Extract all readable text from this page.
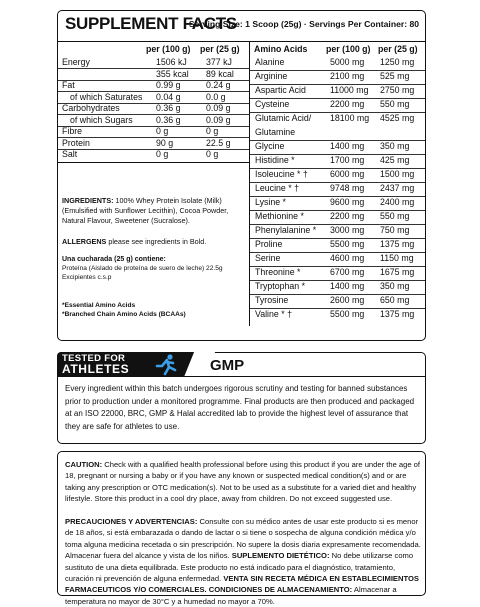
SUPPLEMENT FACTS
Serving Size: 1 Scoop (25g) · Servings Per Container: 80
per (100 g) per (25 g) Amino Acids per (100 g) per (25 g)
Energy	1506 kJ 377 kJ
355 kcal 89 kcal
Fat	0.99 g	0.24 g
of which Saturates 0.04 g	0.0 g
Carbohydrates	0.36 g	0.09 g
of which Sugars	0.36 g	0.09 g
Fibre	0 g	0 g
Protein	90 g	22.5 g
Salt	0 g	0 g
Alanine	5000 mg 1250 mg
Arginine	2100 mg 525 mg
Aspartic Acid	11000 mg 2750 mg
Cysteine	2200 mg 550 mg
Glutamic Acid/ 18100 mg 4525 mg
Glutamine
Glycine	1400 mg 350 mg
Histidine *	1700 mg 425 mg
Isoleucine * †	6000 mg 1500 mg
Leucine * †	9748 mg 2437 mg
Lysine *	9600 mg 2400 mg
Methionine *	2200 mg 550 mg
Phenylalanine * 3000 mg 750 mg
Proline	5500 mg 1375 mg
Serine	4600 mg 1150 mg
Threonine *	6700 mg 1675 mg
Tryptophan *	1400 mg 350 mg
Tyrosine	2600 mg 650 mg
Valine * †	5500 mg 1375 mg
INGREDIENTS: 100% Whey Protein Isolate (Milk) (Emulsified with Sunflower Lecithin), Cocoa Powder, Natural Flavour, Sweetener (Sucralose).
ALLERGENS please see ingredients in Bold.
Una cucharada (25 g) contiene:
Proteína (Aislado de proteína de suero de leche) 22.5g
Excipientes c.s.p
*Essential Amino Acids
*Branched Chain Amino Acids (BCAAs)
TESTED FOR
ATHLETES	GMP
Every ingredient within this batch undergoes rigorous scrutiny and testing for banned substances prior to production under a monitored programme. Final products are then produced and packaged at an ISO 22000, BRC, GMP & Halal accredited lab to provide the highest level of assurance that they are safe for athletes to use.
CAUTION: Check with a qualified health professional before using this product if you are under the age of 18, pregnant or nursing a baby or if you have any known or suspected medical condition(s) and or are taking any prescription or OTC medication(s). Not to be used as a substitute for a varied diet and healthy lifestyle. Store this product in a cool dry place, away from children. Do not exceed suggested use.
PRECAUCIONES Y ADVERTENCIAS: Consulte con su médico antes de usar este producto si es menor de 18 años, si está embarazada o dando de lactar o si tiene o sospecha de alguna condición médica y/o toma alguna medicina recetada o sin prescripción. No supere la dosis diaria expresamente recomendada. Almacenar fuera del alcance y vista de los niños. SUPLEMENTO DIETÉTICO: No debe utilizarse como sustituto de una dieta equilibrada. Este producto no está indicado para el diagnóstico, tratamiento, curación ni prevención de alguna enfermedad. VENTA SIN RECETA MÉDICA EN ESTABLECIMIENTOS FARMACEUTICOS Y/O COMERCIALES. CONDICIONES DE ALMACENAMIENTO: Almacenar a temperatura no mayor de 30°C y a humedad no mayor a 70%.
